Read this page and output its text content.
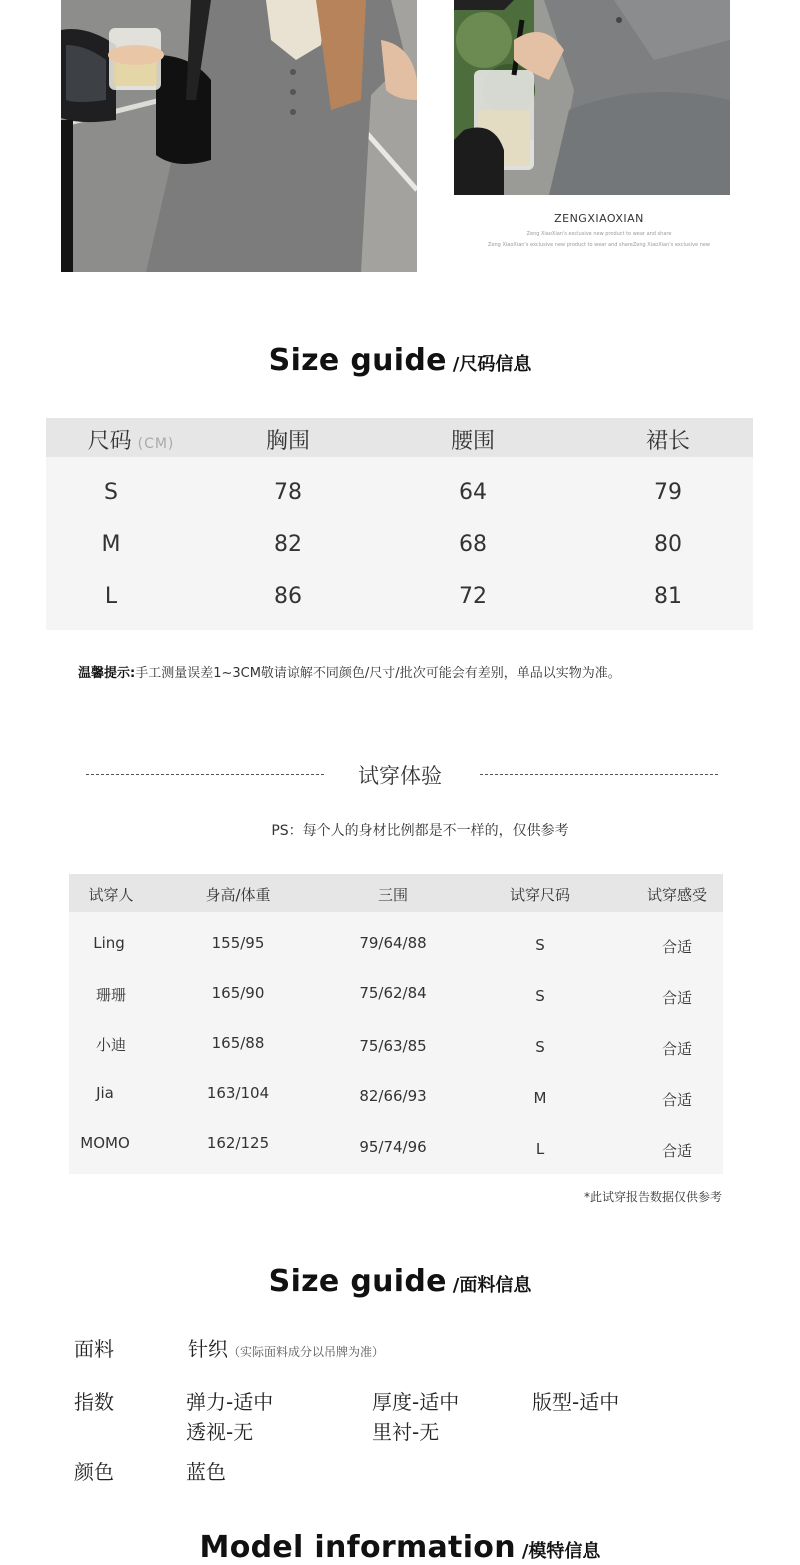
ZENGXIAOXIAN
Zeng XiaoXian's exclusive new product to wear and share
Zeng XiaoXian's exclusive new product to wear and shareZeng XiaoXian's exclusive new
Size guide /尺码信息
尺码 (CM)	胸围	腰围	裙长
S	78	64	79
M	82	68	80
L	86	72	81
温馨提示:手工测量误差1~3CM敬请谅解不同颜色/尺寸/批次可能会有差别，单品以实物为准。
试穿体验
PS：每个人的身材比例都是不一样的，仅供参考
试穿人	身高/体重	三围	试穿尺码	试穿感受
Ling	155/95	79/64/88	S	合适
珊珊	165/90	75/62/84	S	合适
小迪	165/88	75/63/85	S	合适
Jia	163/104	82/66/93	M	合适
MOMO	162/125	95/74/96	L	合适
*此试穿报告数据仅供参考
Size guide /面料信息
面料	针织（实际面料成分以吊牌为准）
指数	弹力-适中	厚度-适中	版型-适中
透视-无	里衬-无
颜色	蓝色
Model information /模特信息
